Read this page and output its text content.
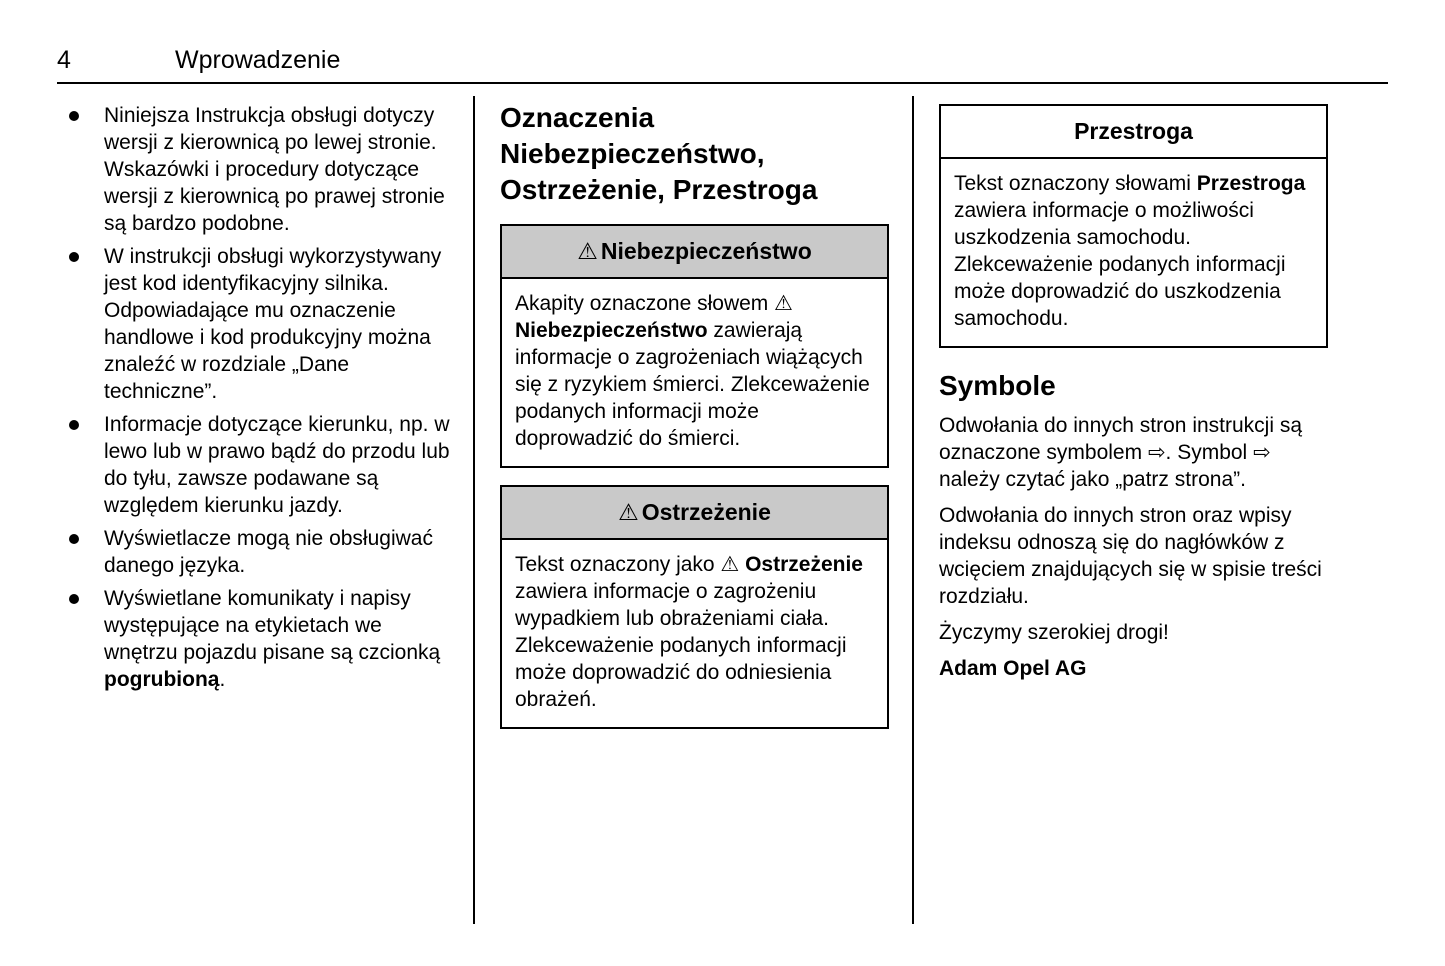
4	Wprowadzenie
Niniejsza Instrukcja obsługi dotyczy wersji z kierownicą po lewej stronie. Wskazówki i procedury dotyczące wersji z kierownicą po prawej stronie są bardzo podobne.
W instrukcji obsługi wykorzystywany jest kod identyfikacyjny silnika. Odpowiadające mu oznaczenie handlowe i kod produkcyjny można znaleźć w rozdziale „Dane techniczne”.
Informacje dotyczące kierunku, np. w lewo lub w prawo bądź do przodu lub do tyłu, zawsze podawane są względem kierunku jazdy.
Wyświetlacze mogą nie obsługiwać danego języka.
Wyświetlane komunikaty i napisy występujące na etykietach we wnętrzu pojazdu pisane są czcionką pogrubioną.
Oznaczenia Niebezpieczeństwo, Ostrzeżenie, Przestroga
⚠ Niebezpieczeństwo
Akapity oznaczone słowem ⚠ Niebezpieczeństwo zawierają informacje o zagrożeniach wiążących się z ryzykiem śmierci. Zlekceważenie podanych informacji może doprowadzić do śmierci.
⚠ Ostrzeżenie
Tekst oznaczony jako ⚠ Ostrzeżenie zawiera informacje o zagrożeniu wypadkiem lub obrażeniami ciała. Zlekceważenie podanych informacji może doprowadzić do odniesienia obrażeń.
Przestroga
Tekst oznaczony słowami Przestroga zawiera informacje o możliwości uszkodzenia samochodu. Zlekceważenie podanych informacji może doprowadzić do uszkodzenia samochodu.
Symbole

Odwołania do innych stron instrukcji są oznaczone symbolem ⇨. Symbol ⇨ należy czytać jako „patrz strona”.

Odwołania do innych stron oraz wpisy indeksu odnoszą się do nagłówków z wcięciem znajdujących się w spisie treści rozdziału.

Życzymy szerokiej drogi!

Adam Opel AG
